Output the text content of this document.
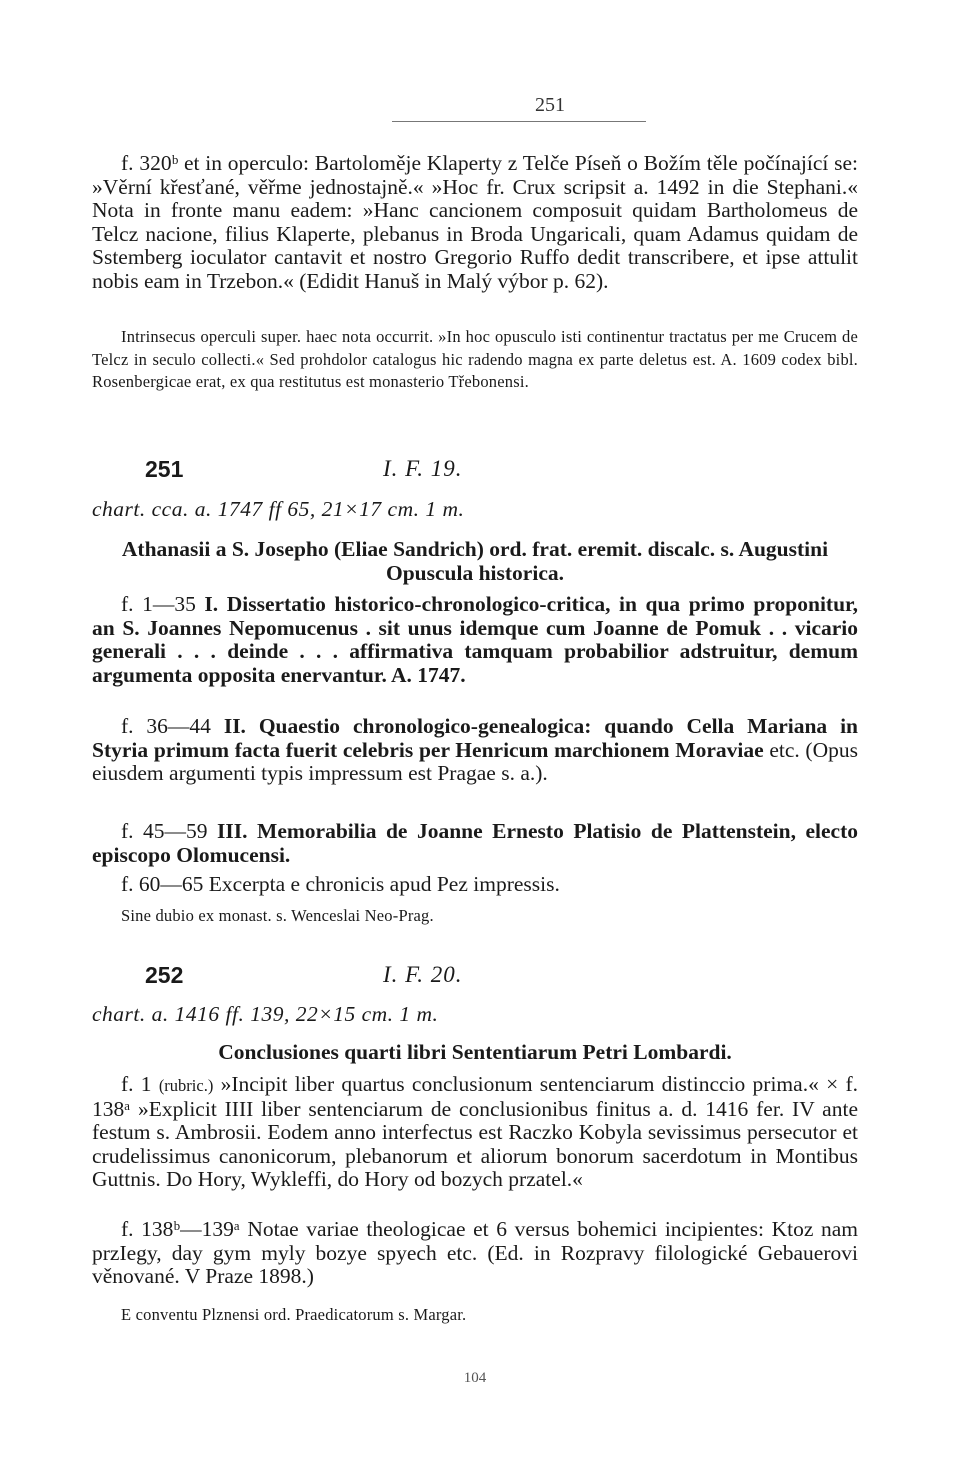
251
f. 320ᵇ et in operculo: Bartoloměje Klaperty z Telče Píseň o Božím těle počínající se: »Věrní křesťané, věřme jednostajně.« »Hoc fr. Crux scripsit a. 1492 in die Stephani.« Nota in fronte manu eadem: »Hanc cancionem composuit quidam Bartholomeus de Telcz nacione, filius Klaperte, plebanus in Broda Ungaricali, quam Adamus quidam de Sstemberg ioculator cantavit et nostro Gregorio Ruffo dedit transcribere, et ipse attulit nobis eam in Trzebon.« (Edidit Hanuš in Malý výbor p. 62).
Intrinsecus operculi super. haec nota occurrit. »In hoc opusculo isti continentur tractatus per me Crucem de Telcz in seculo collecti.« Sed prohdolor catalogus hic radendo magna ex parte deletus est. A. 1609 codex bibl. Rosenbergicae erat, ex qua restitutus est monasterio Třebonensi.
251	I. F. 19.
chart. cca. a. 1747 ff 65, 21×17 cm. 1 m.
Athanasii a S. Josepho (Eliae Sandrich) ord. frat. eremit. discalc. s. Augustini Opuscula historica.
f. 1—35 I. Dissertatio historico-chronologico-critica, in qua primo proponitur, an S. Joannes Nepomucenus . sit unus idemque cum Joanne de Pomuk . . vicario generali . . . deinde . . . affirmativa tamquam probabilior adstruitur, demum argumenta opposita enervantur. A. 1747.
f. 36—44 II. Quaestio chronologico-genealogica: quando Cella Mariana in Styria primum facta fuerit celebris per Henricum marchionem Moraviae etc. (Opus eiusdem argumenti typis impressum est Pragae s. a.).
f. 45—59 III. Memorabilia de Joanne Ernesto Platisio de Plattenstein, electo episcopo Olomucensi.
f. 60—65 Excerpta e chronicis apud Pez impressis.
Sine dubio ex monast. s. Wenceslai Neo-Prag.
252	I. F. 20.
chart. a. 1416 ff. 139, 22×15 cm. 1 m.
Conclusiones quarti libri Sententiarum Petri Lombardi.
f. 1 (rubric.) »Incipit liber quartus conclusionum sentenciarum distinccio prima.« × f. 138ᵃ »Explicit IIII liber sentenciarum de conclusionibus finitus a. d. 1416 fer. IV ante festum s. Ambrosii. Eodem anno interfectus est Raczko Kobyla sevissimus persecutor et crudelissimus canonicorum, plebanorum et aliorum bonorum sacerdotum in Montibus Guttnis. Do Hory, Wykleffi, do Hory od bozych przatel.«
f. 138ᵇ—139ᵃ Notae variae theologicae et 6 versus bohemici incipientes: Ktoz nam przIegy, day gym myly bozye spyech etc. (Ed. in Rozpravy filologické Gebauerovi věnované. V Praze 1898.)
E conventu Plznensi ord. Praedicatorum s. Margar.
104
